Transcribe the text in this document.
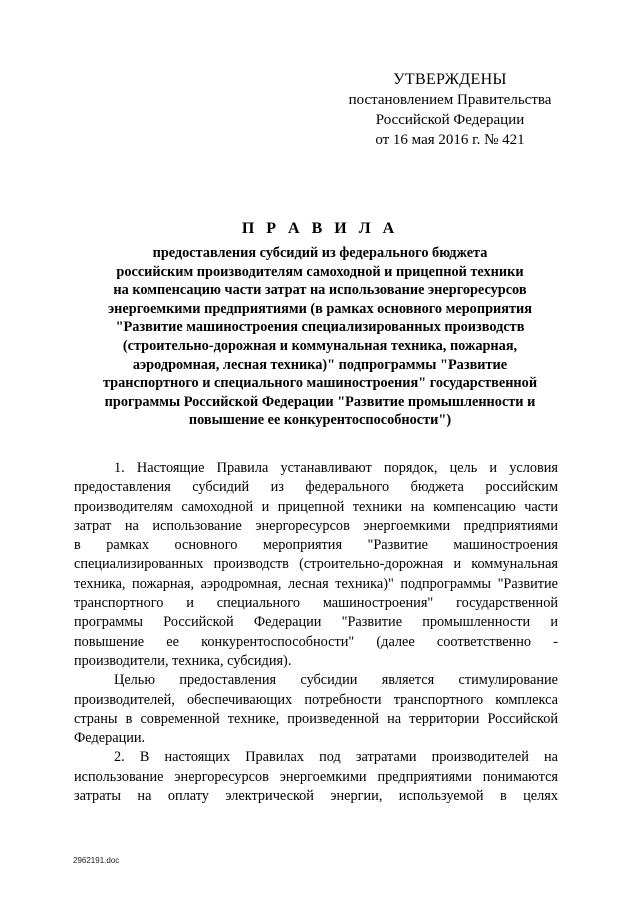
УТВЕРЖДЕНЫ
постановлением Правительства
Российской Федерации
от 16 мая 2016 г. № 421
П Р А В И Л А
предоставления субсидий из федерального бюджета
российским производителям самоходной и прицепной техники
на компенсацию части затрат на использование энергоресурсов
энергоемкими предприятиями (в рамках основного мероприятия
"Развитие машиностроения специализированных производств
(строительно-дорожная и коммунальная техника, пожарная,
аэродромная, лесная техника)" подпрограммы "Развитие
транспортного и специального машиностроения" государственной
программы Российской Федерации "Развитие промышленности и
повышение ее конкурентоспособности")
1. Настоящие Правила устанавливают порядок, цель и условия
предоставления субсидий из федерального бюджета российским
производителям самоходной и прицепной техники на компенсацию части
затрат на использование энергоресурсов энергоемкими предприятиями
в рамках основного мероприятия "Развитие машиностроения
специализированных производств (строительно-дорожная и коммунальная
техника, пожарная, аэродромная, лесная техника)" подпрограммы "Развитие
транспортного и специального машиностроения" государственной
программы Российской Федерации "Развитие промышленности и
повышение ее конкурентоспособности" (далее соответственно -
производители, техника, субсидия).
Целью предоставления субсидии является стимулирование
производителей, обеспечивающих потребности транспортного комплекса
страны в современной технике, произведенной на территории Российской
Федерации.
2. В настоящих Правилах под затратами производителей на
использование энергоресурсов энергоемкими предприятиями понимаются
затраты на оплату электрической энергии, используемой в целях
2962191.doc
